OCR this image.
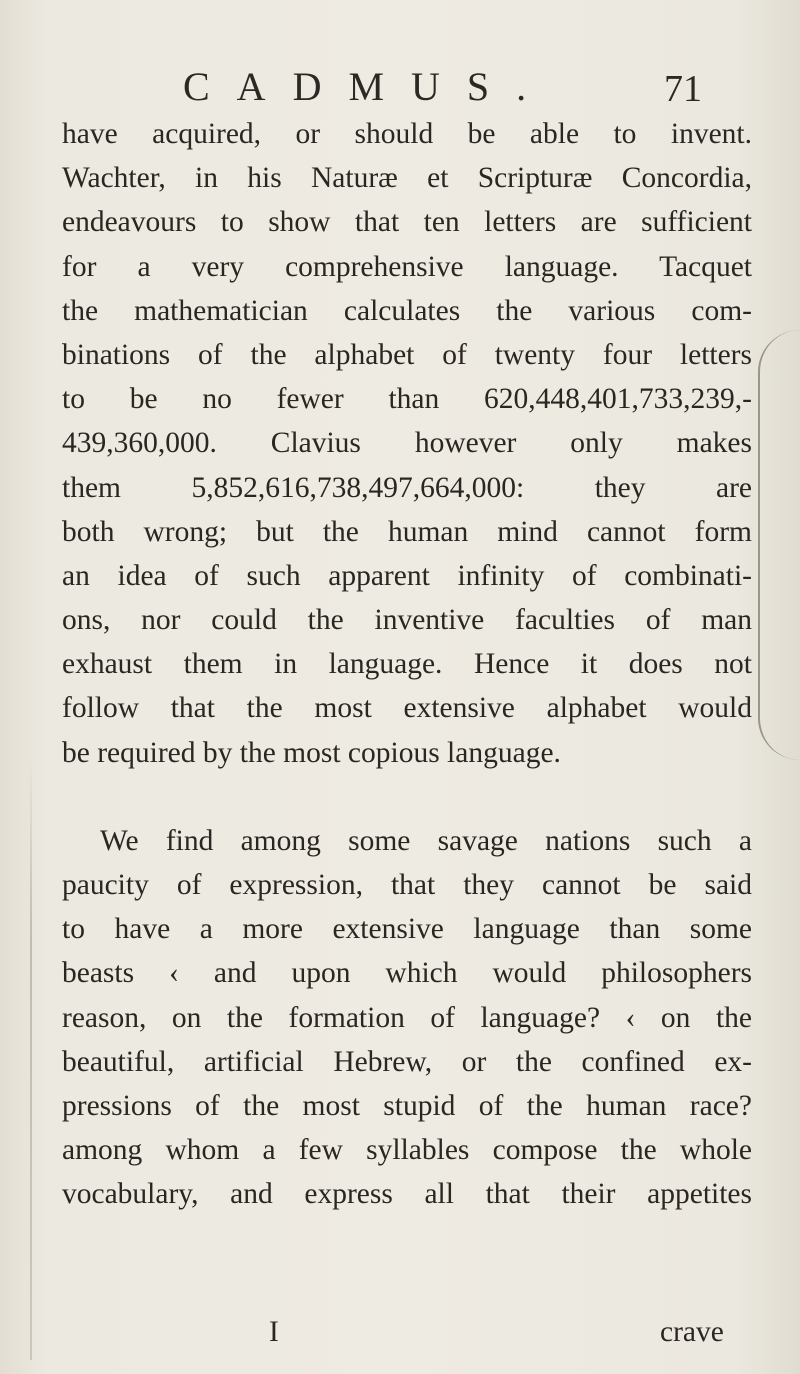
CADMUS.	71
have acquired, or should be able to invent.
Wachter, in his Naturæ et Scripturæ Concordia,
endeavours to show that ten letters are sufficient
for a very comprehensive language. Tacquet
the mathematician calculates the various com-
binations of the alphabet of twenty four letters
to be no fewer than 620,448,401,733,239,-
439,360,000. Clavius however only makes
them 5,852,616,738,497,664,000: they are
both wrong; but the human mind cannot form
an idea of such apparent infinity of combinati-
ons, nor could the inventive faculties of man
exhaust them in language. Hence it does not
follow that the most extensive alphabet would
be required by the most copious language.
We find among some savage nations such a
paucity of expression, that they cannot be said
to have a more extensive language than some
beasts ‹ and upon which would philosophers
reason, on the formation of language? ‹ on the
beautiful, artificial Hebrew, or the confined ex-
pressions of the most stupid of the human race?
among whom a few syllables compose the whole
vocabulary, and express all that their appetites
I	crave
